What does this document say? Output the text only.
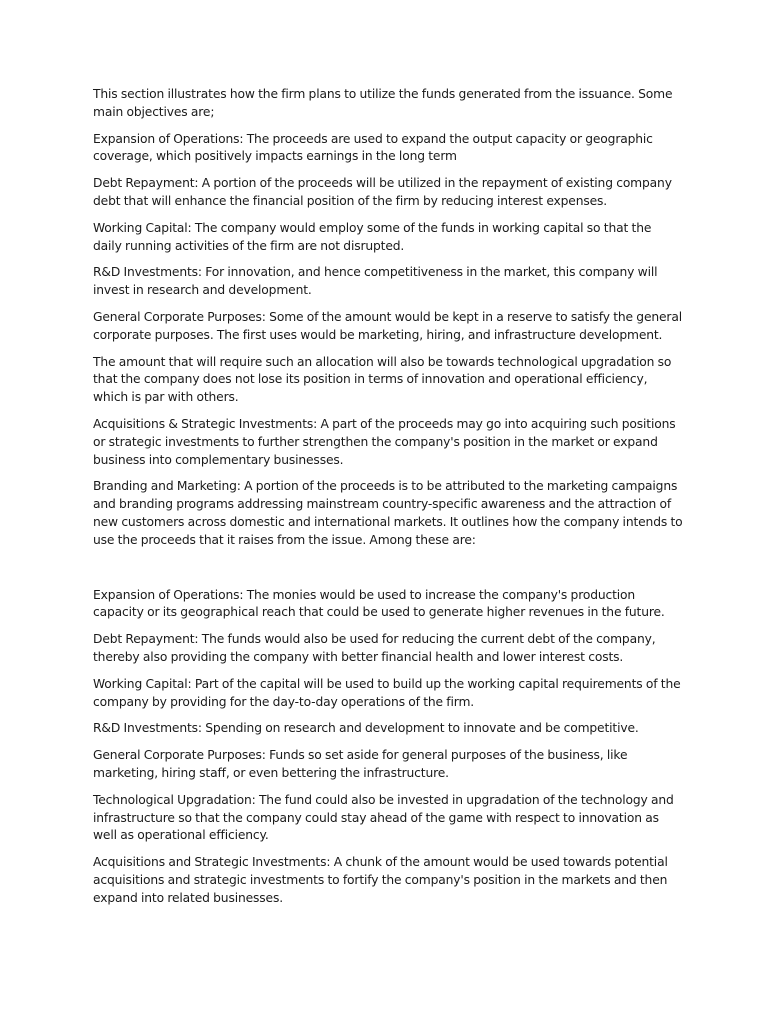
This section illustrates how the firm plans to utilize the funds generated from the issuance. Some main objectives are;

Expansion of Operations: The proceeds are used to expand the output capacity or geographic coverage, which positively impacts earnings in the long term

Debt Repayment: A portion of the proceeds will be utilized in the repayment of existing company debt that will enhance the financial position of the firm by reducing interest expenses.

Working Capital: The company would employ some of the funds in working capital so that the daily running activities of the firm are not disrupted.

R&D Investments: For innovation, and hence competitiveness in the market, this company will invest in research and development.

General Corporate Purposes: Some of the amount would be kept in a reserve to satisfy the general corporate purposes. The first uses would be marketing, hiring, and infrastructure development.

The amount that will require such an allocation will also be towards technological upgradation so that the company does not lose its position in terms of innovation and operational efficiency, which is par with others.

Acquisitions & Strategic Investments: A part of the proceeds may go into acquiring such positions or strategic investments to further strengthen the company's position in the market or expand business into complementary businesses.

Branding and Marketing: A portion of the proceeds is to be attributed to the marketing campaigns and branding programs addressing mainstream country-specific awareness and the attraction of new customers across domestic and international markets. It outlines how the company intends to use the proceeds that it raises from the issue. Among these are:

Expansion of Operations: The monies would be used to increase the company's production capacity or its geographical reach that could be used to generate higher revenues in the future.

Debt Repayment: The funds would also be used for reducing the current debt of the company, thereby also providing the company with better financial health and lower interest costs.

Working Capital: Part of the capital will be used to build up the working capital requirements of the company by providing for the day-to-day operations of the firm.

R&D Investments: Spending on research and development to innovate and be competitive.

General Corporate Purposes: Funds so set aside for general purposes of the business, like marketing, hiring staff, or even bettering the infrastructure.

Technological Upgradation: The fund could also be invested in upgradation of the technology and infrastructure so that the company could stay ahead of the game with respect to innovation as well as operational efficiency.

Acquisitions and Strategic Investments: A chunk of the amount would be used towards potential acquisitions and strategic investments to fortify the company's position in the markets and then expand into related businesses.
